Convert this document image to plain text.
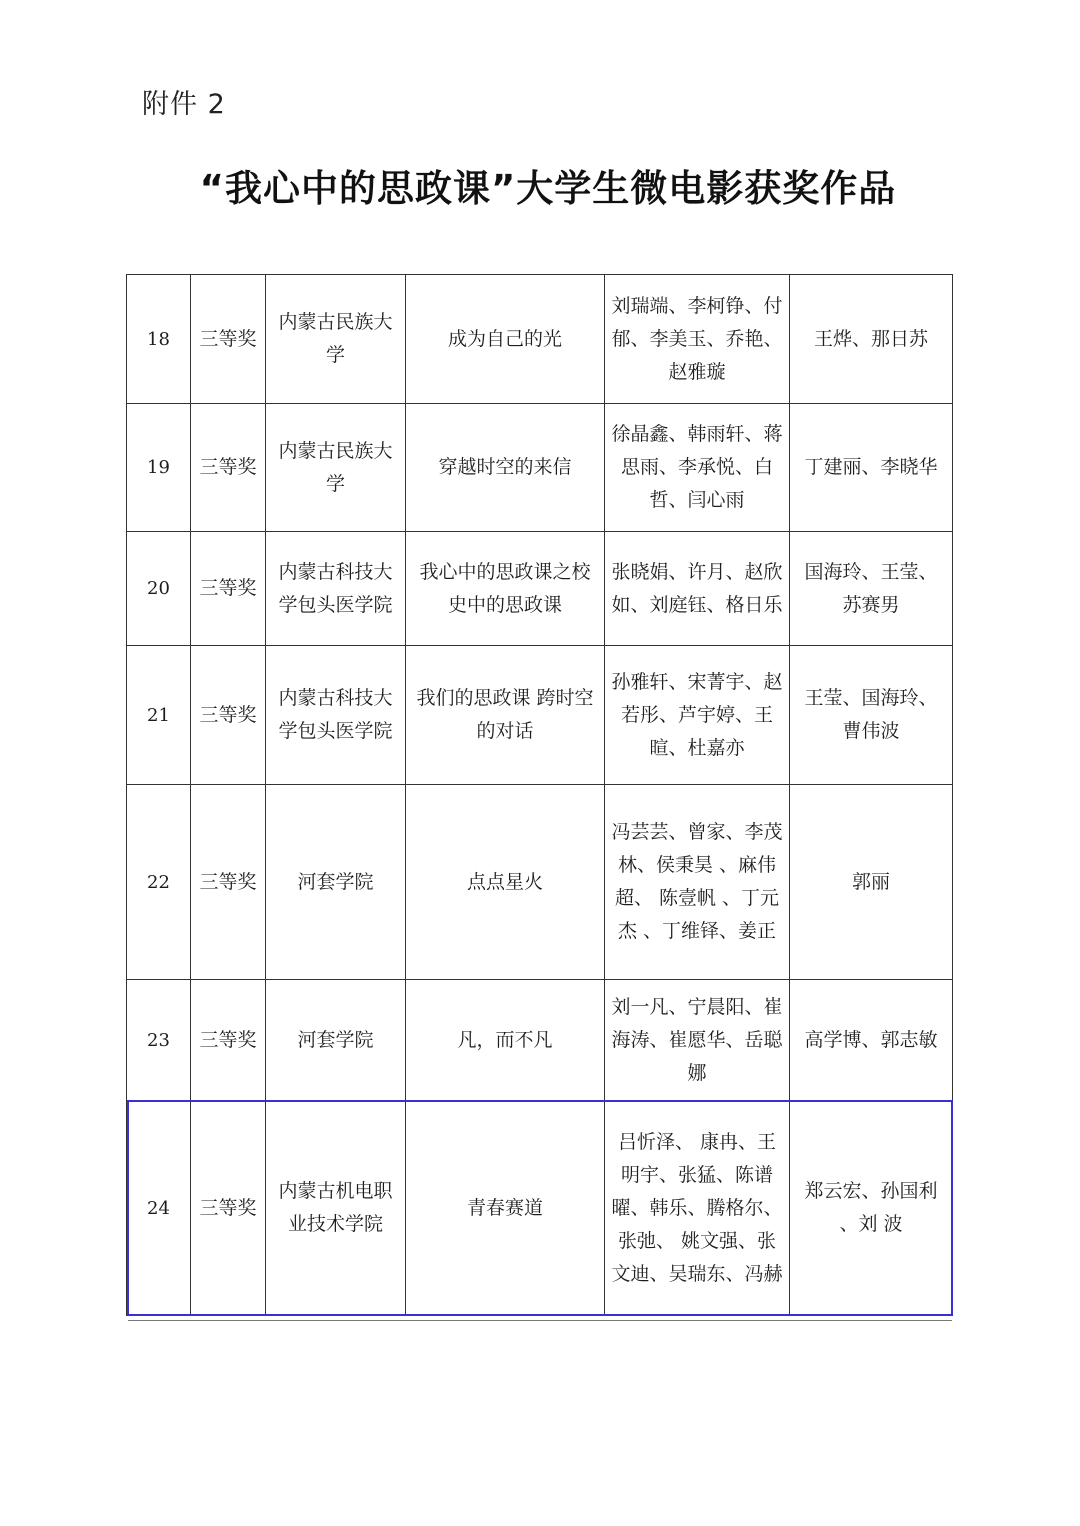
附件 2
“我心中的思政课”大学生微电影获奖作品
18	三等奖	内蒙古民族大学	成为自己的光	刘瑞端、李柯铮、付郁、李美玉、乔艳、赵雅璇	王烨、那日苏
19	三等奖	内蒙古民族大学	穿越时空的来信	徐晶鑫、韩雨轩、蒋思雨、李承悦、白哲、闫心雨	丁建丽、李晓华
20	三等奖	内蒙古科技大学包头医学院	我心中的思政课之校史中的思政课	张晓娟、许月、赵欣如、刘庭钰、格日乐	国海玲、王莹、苏赛男
21	三等奖	内蒙古科技大学包头医学院	我们的思政课 跨时空的对话	孙雅轩、宋菁宇、赵若彤、芦宇婷、王暄、杜嘉亦	王莹、国海玲、曹伟波
22	三等奖	河套学院	点点星火	冯芸芸、曾家、李茂林、侯秉昊 、麻伟超、 陈壹帆 、丁元杰 、丁维铎、姜正	郭丽
23	三等奖	河套学院	凡，而不凡	刘一凡、宁晨阳、崔海涛、崔愿华、岳聪娜	高学博、郭志敏
24	三等奖	内蒙古机电职业技术学院	青春赛道	吕忻泽、 康冉、王明宇、张猛、陈谱曜、韩乐、腾格尔、张弛、 姚文强、张文迪、吴瑞东、冯赫	郑云宏、孙国利 、刘 波
